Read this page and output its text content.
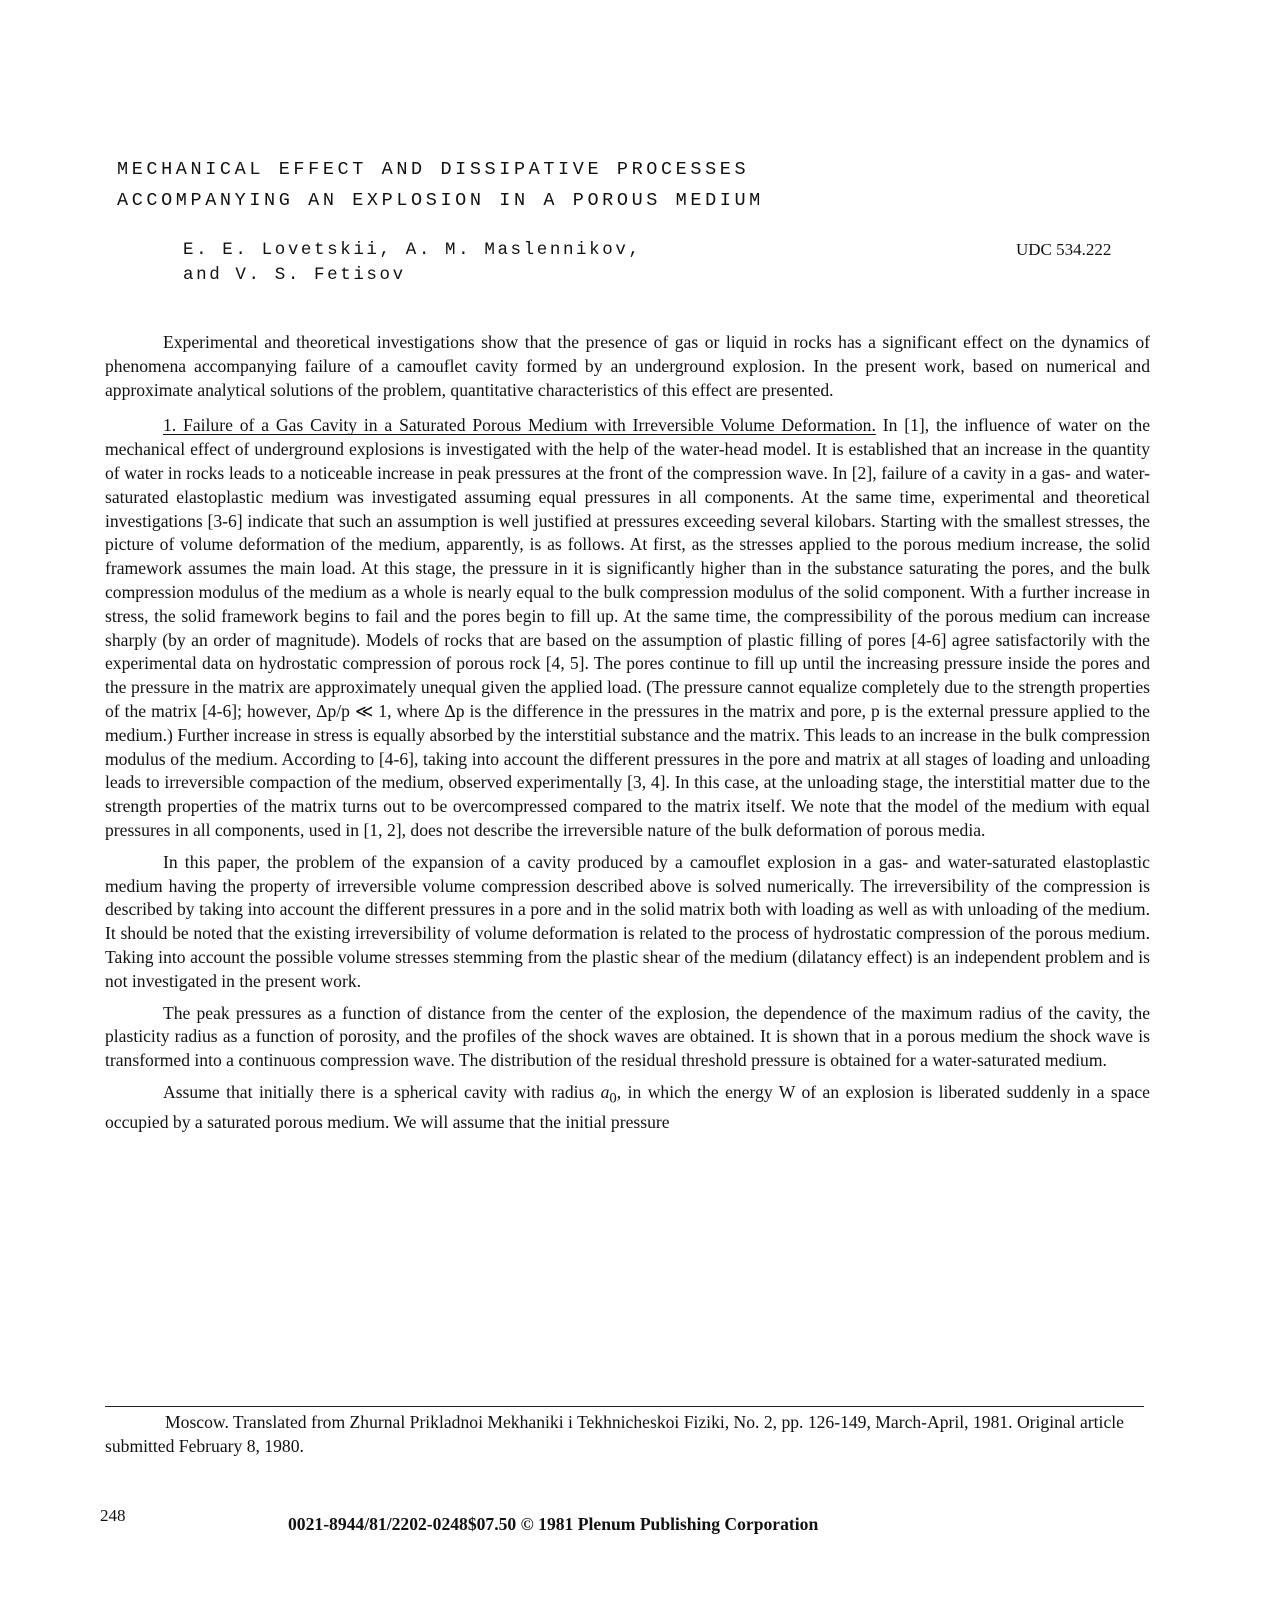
MECHANICAL EFFECT AND DISSIPATIVE PROCESSES
ACCOMPANYING AN EXPLOSION IN A POROUS MEDIUM
E. E. Lovetskii, A. M. Maslennikov,
and V. S. Fetisov
UDC 534.222

Experimental and theoretical investigations show that the presence of gas or liquid in rocks has a significant effect on the dynamics of phenomena accompanying failure of a camouflet cavity formed by an underground explosion. In the present work, based on numerical and approximate analytical solutions of the problem, quantitative characteristics of this effect are presented.

1. Failure of a Gas Cavity in a Saturated Porous Medium with Irreversible Volume Deformation. In [1], the influence of water on the mechanical effect of underground explosions is investigated with the help of the water-head model. It is established that an increase in the quantity of water in rocks leads to a noticeable increase in peak pressures at the front of the compression wave. In [2], failure of a cavity in a gas- and water-saturated elastoplastic medium was investigated assuming equal pressures in all components. At the same time, experimental and theoretical investigations [3-6] indicate that such an assumption is well justified at pressures exceeding several kilobars. Starting with the smallest stresses, the picture of volume deformation of the medium, apparently, is as follows. At first, as the stresses applied to the porous medium increase, the solid framework assumes the main load. At this stage, the pressure in it is significantly higher than in the substance saturating the pores, and the bulk compression modulus of the medium as a whole is nearly equal to the bulk compression modulus of the solid component. With a further increase in stress, the solid framework begins to fail and the pores begin to fill up. At the same time, the compressibility of the porous medium can increase sharply (by an order of magnitude). Models of rocks that are based on the assumption of plastic filling of pores [4-6] agree satisfactorily with the experimental data on hydrostatic compression of porous rock [4, 5]. The pores continue to fill up until the increasing pressure inside the pores and the pressure in the matrix are approximately unequal given the applied load. (The pressure cannot equalize completely due to the strength properties of the matrix [4-6]; however, Δp/p ≪ 1, where Δp is the difference in the pressures in the matrix and pore, p is the external pressure applied to the medium.) Further increase in stress is equally absorbed by the interstitial substance and the matrix. This leads to an increase in the bulk compression modulus of the medium. According to [4-6], taking into account the different pressures in the pore and matrix at all stages of loading and unloading leads to irreversible compaction of the medium, observed experimentally [3, 4]. In this case, at the unloading stage, the interstitial matter due to the strength properties of the matrix turns out to be overcompressed compared to the matrix itself. We note that the model of the medium with equal pressures in all components, used in [1, 2], does not describe the irreversible nature of the bulk deformation of porous media.

In this paper, the problem of the expansion of a cavity produced by a camouflet explosion in a gas- and water-saturated elastoplastic medium having the property of irreversible volume compression described above is solved numerically. The irreversibility of the compression is described by taking into account the different pressures in a pore and in the solid matrix both with loading as well as with unloading of the medium. It should be noted that the existing irreversibility of volume deformation is related to the process of hydrostatic compression of the porous medium. Taking into account the possible volume stresses stemming from the plastic shear of the medium (dilatancy effect) is an independent problem and is not investigated in the present work.

The peak pressures as a function of distance from the center of the explosion, the dependence of the maximum radius of the cavity, the plasticity radius as a function of porosity, and the profiles of the shock waves are obtained. It is shown that in a porous medium the shock wave is transformed into a continuous compression wave. The distribution of the residual threshold pressure is obtained for a water-saturated medium.

Assume that initially there is a spherical cavity with radius $a_0$, in which the energy W of an explosion is liberated suddenly in a space occupied by a saturated porous medium. We will assume that the initial pressure

Moscow. Translated from Zhurnal Prikladnoi Mekhaniki i Tekhnicheskoi Fiziki, No. 2, pp. 126-149, March-April, 1981. Original article submitted February 8, 1980.

248	0021-8944/81/2202-0248$07.50 © 1981 Plenum Publishing Corporation
